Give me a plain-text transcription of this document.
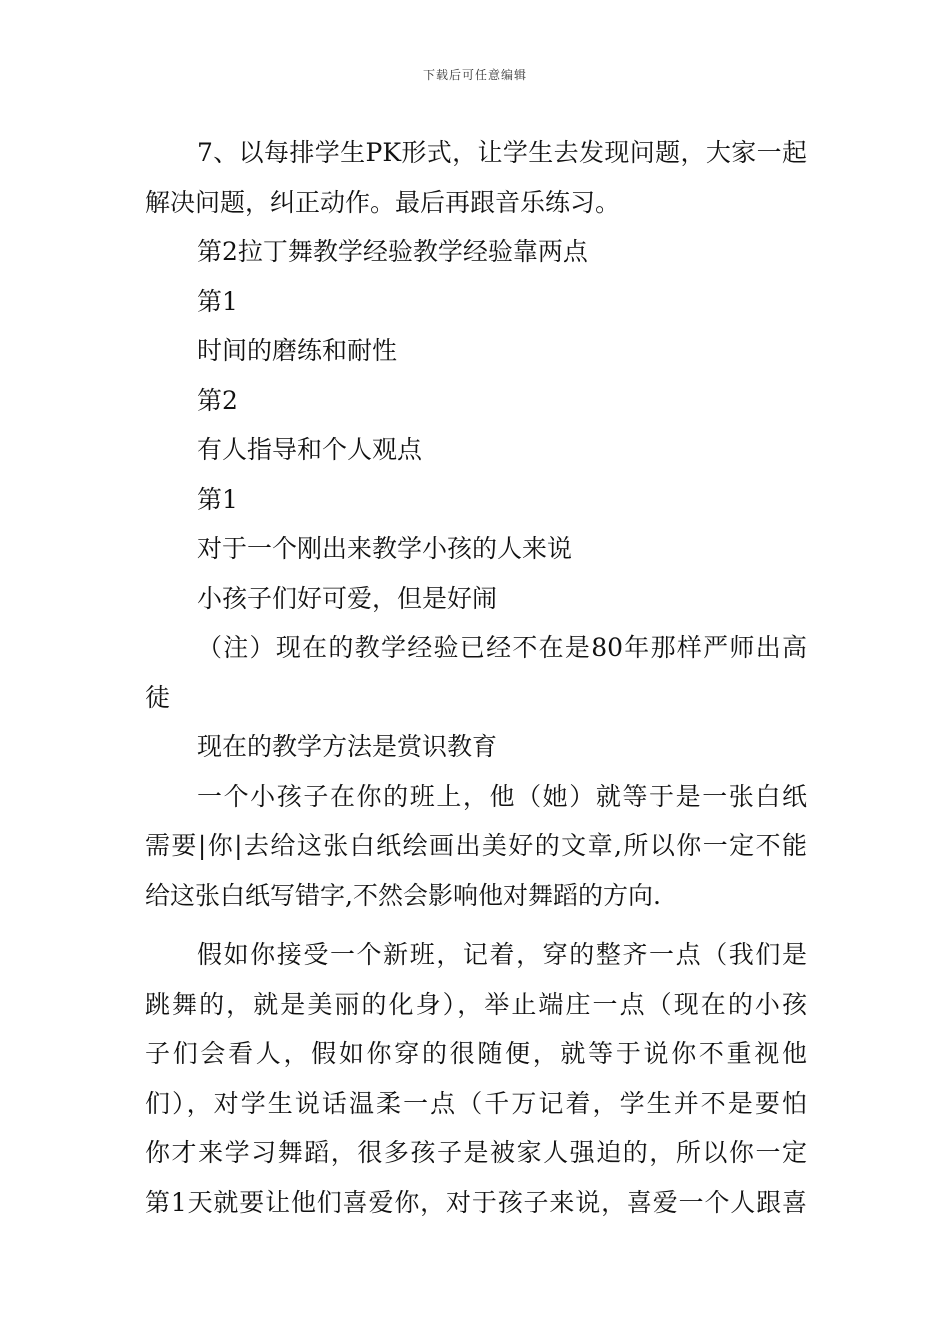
下载后可任意编辑
7、以每排学生PK形式，让学生去发现问题，大家一起
解决问题，纠正动作。最后再跟音乐练习。
第2拉丁舞教学经验教学经验靠两点
第1
时间的磨练和耐性
第2
有人指导和个人观点
第1
对于一个刚出来教学小孩的人来说
小孩子们好可爱，但是好闹
（注）现在的教学经验已经不在是80年那样严师出高
徒
现在的教学方法是赏识教育
一个小孩子在你的班上，他（她）就等于是一张白纸
需要|你|去给这张白纸绘画出美好的文章,所以你一定不能
给这张白纸写错字,不然会影响他对舞蹈的方向.
假如你接受一个新班，记着，穿的整齐一点（我们是
跳舞的，就是美丽的化身），举止端庄一点（现在的小孩
子们会看人，假如你穿的很随便，就等于说你不重视他
们），对学生说话温柔一点（千万记着，学生并不是要怕
你才来学习舞蹈，很多孩子是被家人强迫的，所以你一定
第1天就要让他们喜爱你，对于孩子来说，喜爱一个人跟喜
